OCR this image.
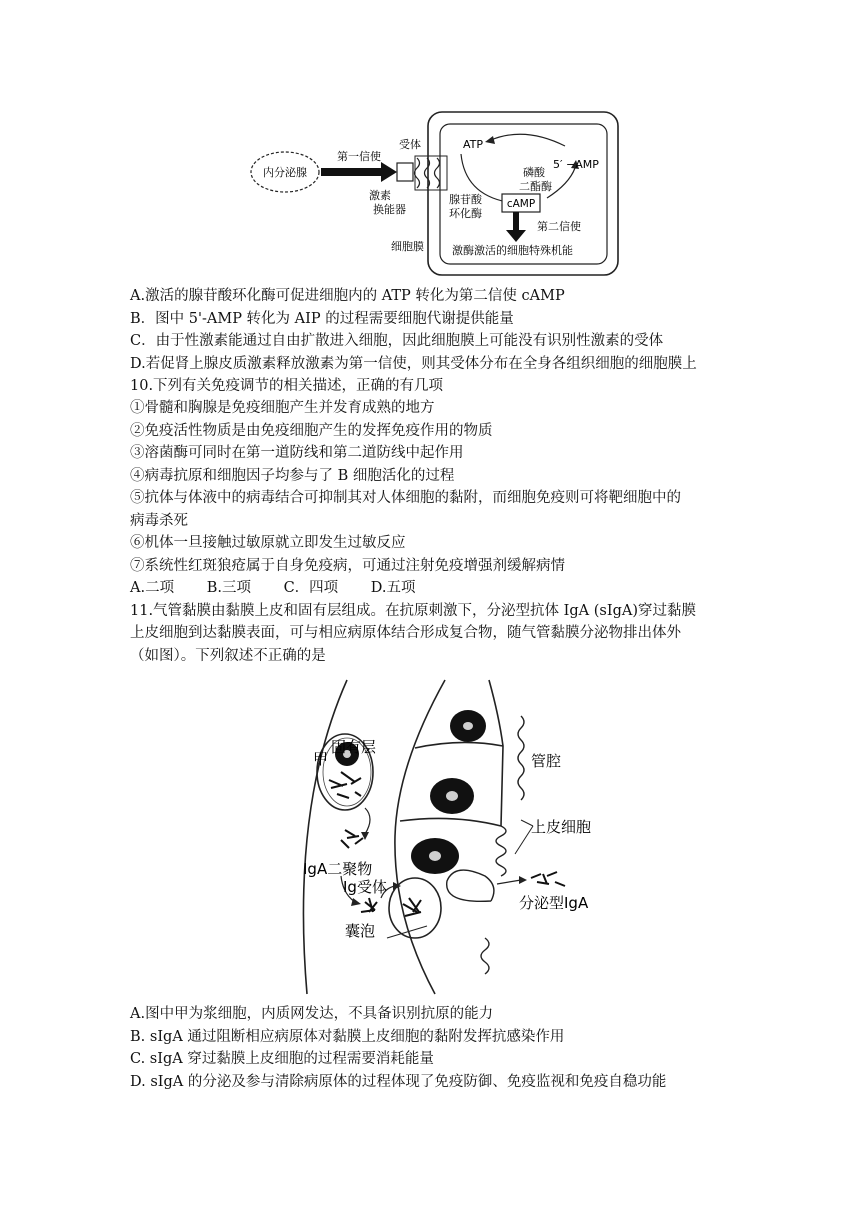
内分泌腺
第一信使
激素
换能器
受体
腺苷酸
环化酶
ATP
磷酸
二酯酶
5′ −AMP
cAMP
第二信使
细胞膜	激酶激活的细胞特殊机能
A.激活的腺苷酸环化酶可促进细胞内的 ATP 转化为第二信使 cAMP
B．图中 5'-AMP 转化为 AIP 的过程需要细胞代谢提供能量
C．由于性激素能通过自由扩散进入细胞，因此细胞膜上可能没有识别性激素的受体
D.若促肾上腺皮质激素释放激素为第一信使，则其受体分布在全身各组织细胞的细胞膜上
10.下列有关免疫调节的相关描述，正确的有几项
①骨髓和胸腺是免疫细胞产生并发育成熟的地方
②免疫活性物质是由免疫细胞产生的发挥免疫作用的物质
③溶菌酶可同时在第一道防线和第二道防线中起作用
④病毒抗原和细胞因子均参与了 B 细胞活化的过程
⑤抗体与体液中的病毒结合可抑制其对人体细胞的黏附，而细胞免疫则可将靶细胞中的
病毒杀死
⑥机体一旦接触过敏原就立即发生过敏反应
⑦系统性红斑狼疮属于自身免疫病，可通过注射免疫增强剂缓解病情
A.二项 B.三项 C．四项 D.五项
11.气管黏膜由黏膜上皮和固有层组成。在抗原刺激下，分泌型抗体 IgA (sIgA)穿过黏膜
上皮细胞到达黏膜表面，可与相应病原体结合形成复合物，随气管黏膜分泌物排出体外
（如图）。下列叙述不正确的是
甲
固有层
管腔
上皮细胞
IgA二聚物
Ig受体
分泌型IgA
囊泡
A.图中甲为浆细胞，内质网发达，不具备识别抗原的能力
B. sIgA 通过阻断相应病原体对黏膜上皮细胞的黏附发挥抗感染作用
C. sIgA 穿过黏膜上皮细胞的过程需要消耗能量
D. sIgA 的分泌及参与清除病原体的过程体现了免疫防御、免疫监视和免疫自稳功能
